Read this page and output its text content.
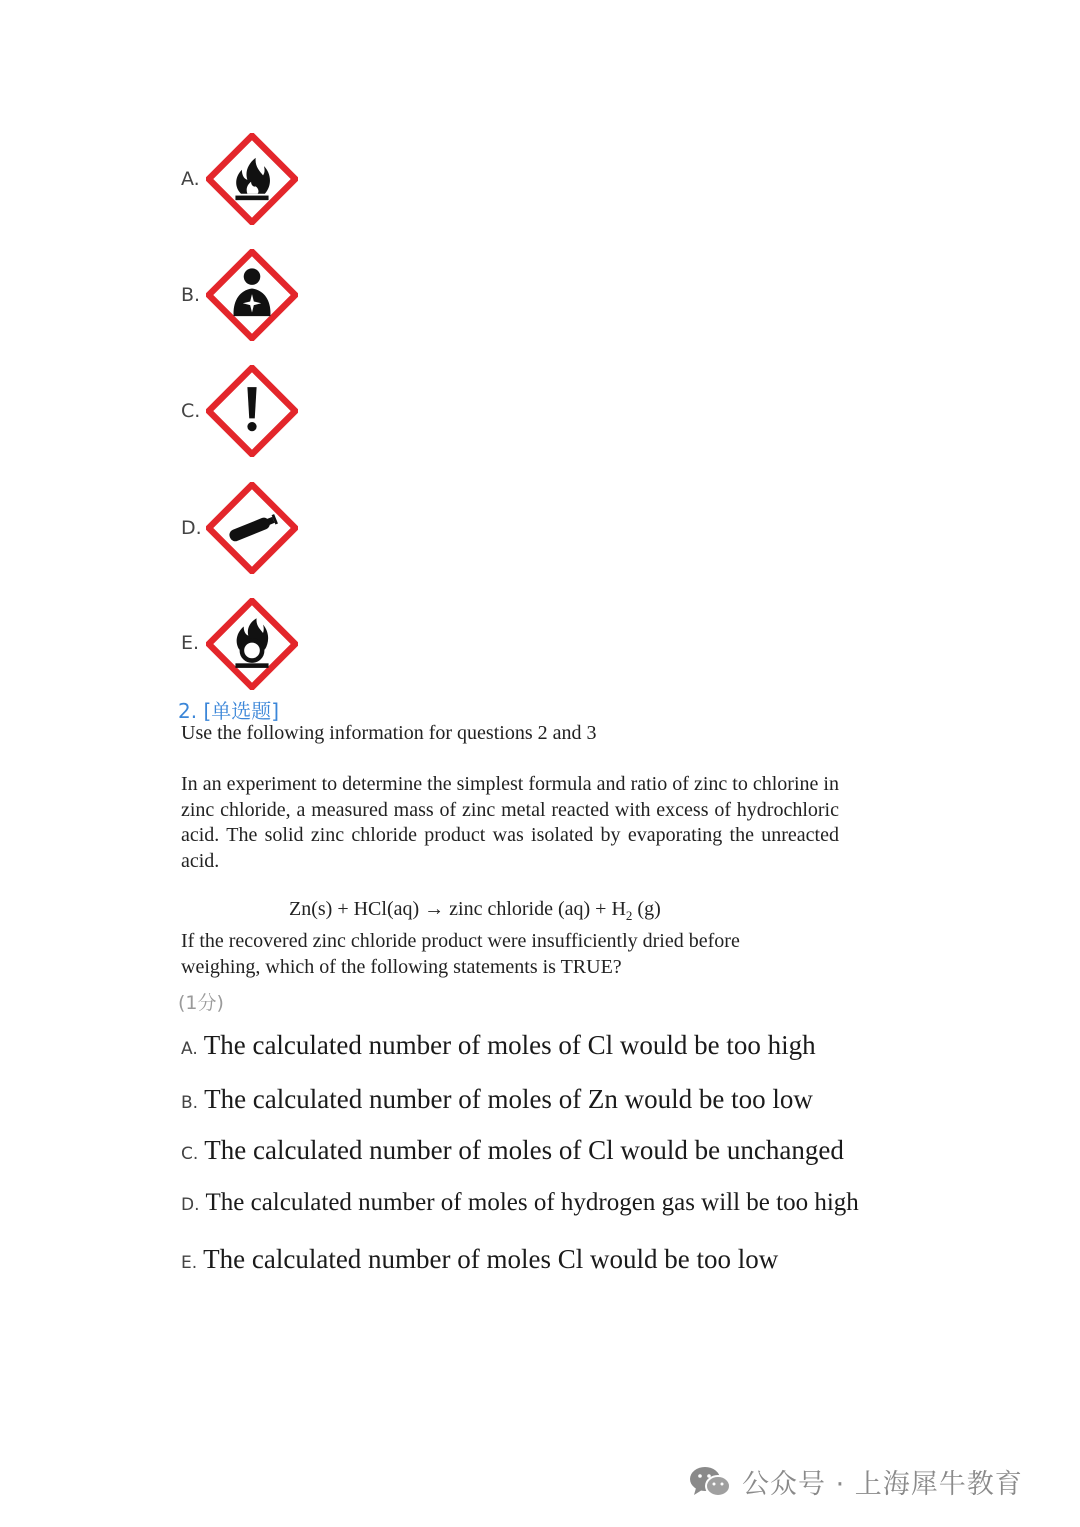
A.
B.
C.
D.
E.
2. [单选题]
Use the following information for questions 2 and 3
In an experiment to determine the simplest formula and ratio of zinc to chlorine in zinc chloride, a measured mass of zinc metal reacted with excess of hydrochloric acid. The solid zinc chloride product was isolated by evaporating the unreacted acid.
Zn(s) + HCl(aq) → zinc chloride $(aq) + H_2$ (g)
If the recovered zinc chloride product were insufficiently dried before weighing, which of the following statements is TRUE?
(1分)
A. The calculated number of moles of Cl would be too high
B. The calculated number of moles of Zn would be too low
C. The calculated number of moles of Cl would be unchanged
D. The calculated number of moles of hydrogen gas will be too high
E. The calculated number of moles Cl would be too low
公众号 · 上海犀牛教育
